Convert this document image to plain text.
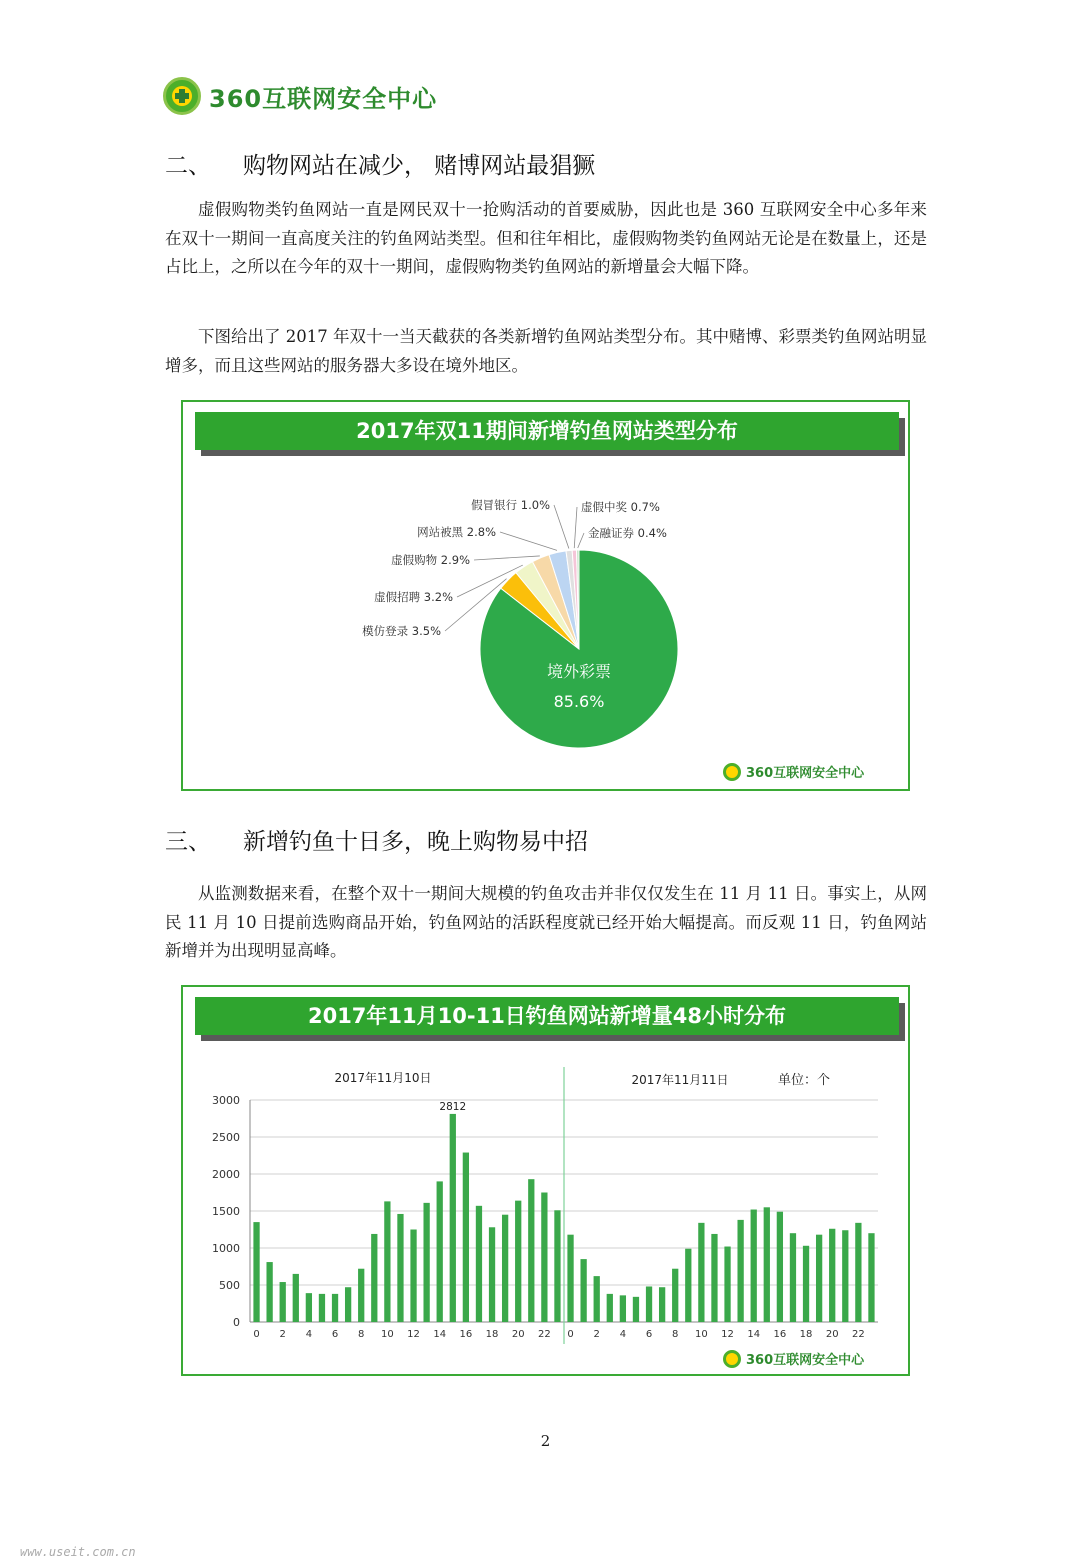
360互联网安全中心
二、 购物网站在减少， 赌博网站最猖獗

虚假购物类钓鱼网站一直是网民双十一抢购活动的首要威胁，因此也是 360 互联网安全中心多年来在双十一期间一直高度关注的钓鱼网站类型。但和往年相比，虚假购物类钓鱼网站无论是在数量上，还是占比上，之所以在今年的双十一期间，虚假购物类钓鱼网站的新增量会大幅下降。

下图给出了 2017 年双十一当天截获的各类新增钓鱼网站类型分布。其中赌博、彩票类钓鱼网站明显增多，而且这些网站的服务器大多设在境外地区。

2017年双11期间新增钓鱼网站类型分布
境外彩票
85.6%
模仿登录 3.5%
虚假招聘 3.2%
虚假购物 2.9%
网站被黑 2.8%
假冒银行 1.0%	虚假中奖 0.7%
金融证券 0.4%
360互联网安全中心
三、 新增钓鱼十日多，晚上购物易中招

从监测数据来看，在整个双十一期间大规模的钓鱼攻击并非仅仅发生在 11 月 11 日。事实上，从网民 11 月 10 日提前选购商品开始，钓鱼网站的活跃程度就已经开始大幅提高。而反观 11 日，钓鱼网站新增并为出现明显高峰。

2017年11月10-11日钓鱼网站新增量48小时分布
0
500
1000
1500
2000
2500
3000
0 2 4 6 8 10 12 14 16 18 20 22 0 2 4 6 8 10 12 14 16 18 20 22
2812
2017年11月10日	2017年11月11日	单位：个
360互联网安全中心
2
www.useit.com.cn
